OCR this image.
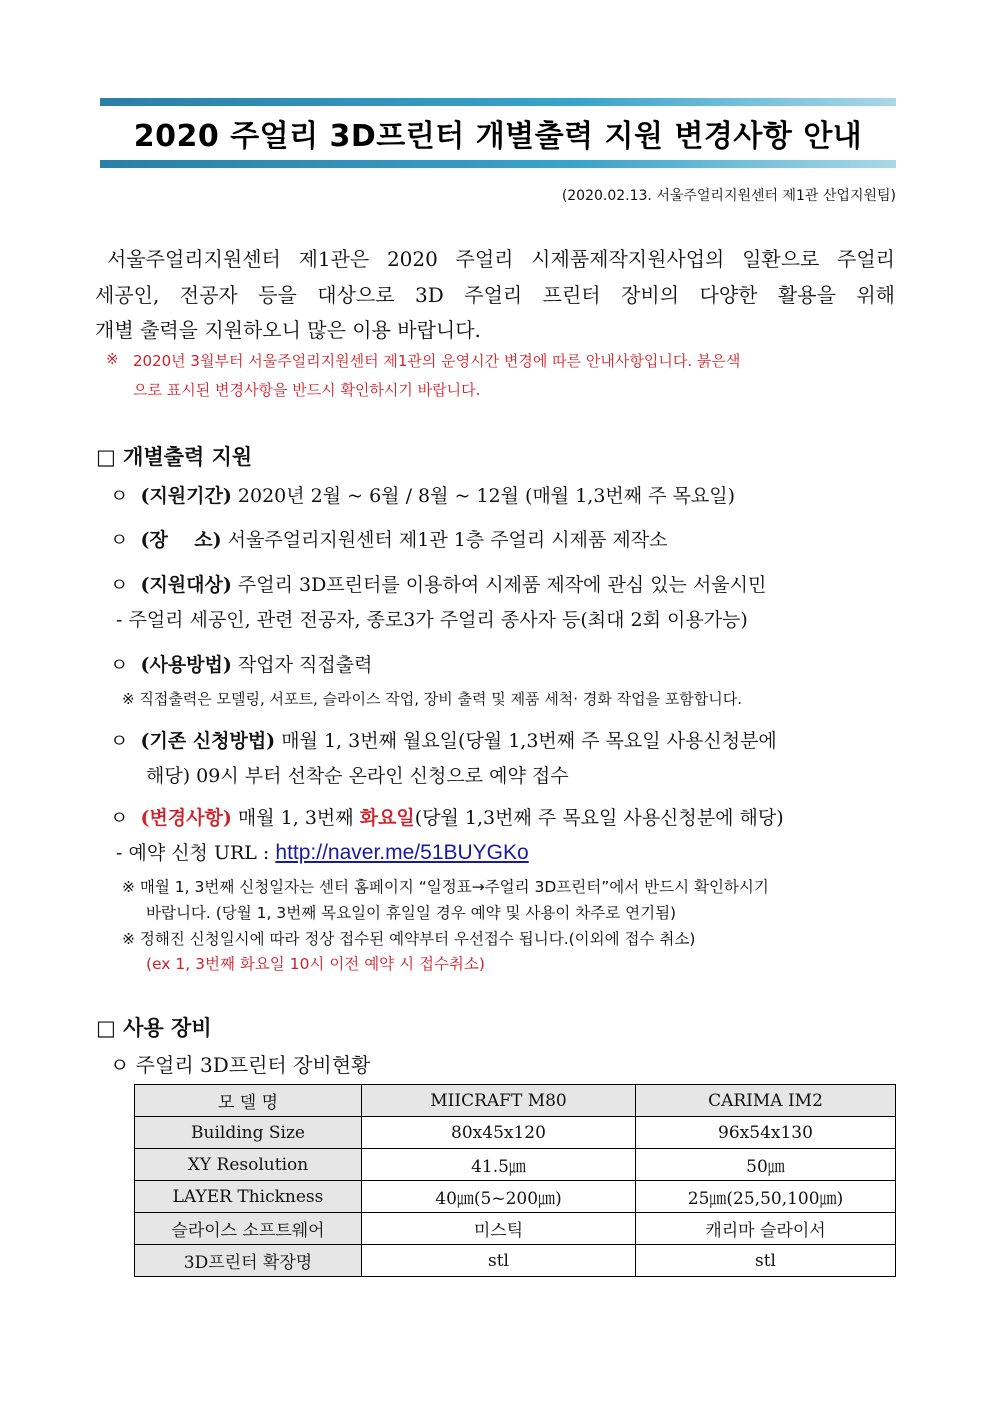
2020 주얼리 3D프린터 개별출력 지원 변경사항 안내
(2020.02.13. 서울주얼리지원센터 제1관 산업지원팀)
서울주얼리지원센터 제1관은 2020 주얼리 시제품제작지원사업의 일환으로 주얼리
세공인, 전공자 등을 대상으로 3D 주얼리 프린터 장비의 다양한 활용을 위해
개별 출력을 지원하오니 많은 이용 바랍니다.
※ 2020년 3월부터 서울주얼리지원센터 제1관의 운영시간 변경에 따른 안내사항입니다. 붉은색
으로 표시된 변경사항을 반드시 확인하시기 바랍니다.
□ 개별출력 지원
ㅇ (지원기간) 2020년 2월 ~ 6월 / 8월 ~ 12월 (매월 1,3번째 주 목요일)
ㅇ (장    소) 서울주얼리지원센터 제1관 1층 주얼리 시제품 제작소
ㅇ (지원대상) 주얼리 3D프린터를 이용하여 시제품 제작에 관심 있는 서울시민
- 주얼리 세공인, 관련 전공자, 종로3가 주얼리 종사자 등(최대 2회 이용가능)
ㅇ (사용방법) 작업자 직접출력
※ 직접출력은 모델링, 서포트, 슬라이스 작업, 장비 출력 및 제품 세척· 경화 작업을 포함합니다.
ㅇ (기존 신청방법) 매월 1, 3번째 월요일(당월 1,3번째 주 목요일 사용신청분에
해당) 09시 부터 선착순 온라인 신청으로 예약 접수
ㅇ (변경사항) 매월 1, 3번째 화요일(당월 1,3번째 주 목요일 사용신청분에 해당)
- 예약 신청 URL : http://naver.me/51BUYGKo
※ 매월 1, 3번째 신청일자는 센터 홈페이지 “일정표→주얼리 3D프린터”에서 반드시 확인하시기
바랍니다. (당월 1, 3번째 목요일이 휴일일 경우 예약 및 사용이 차주로 연기됨)
※ 정해진 신청일시에 따라 정상 접수된 예약부터 우선접수 됩니다.(이외에 접수 취소)
(ex 1, 3번째 화요일 10시 이전 예약 시 접수취소)
□ 사용 장비
ㅇ 주얼리 3D프린터 장비현황
모 델 명	MIICRAFT M80	CARIMA IM2
Building Size	80x45x120	96x54x130
XY Resolution	41.5㎛	50㎛
LAYER Thickness	40㎛(5~200㎛)	25㎛(25,50,100㎛)
슬라이스 소프트웨어	미스틱	캐리마 슬라이서
3D프린터 확장명	stl	stl
